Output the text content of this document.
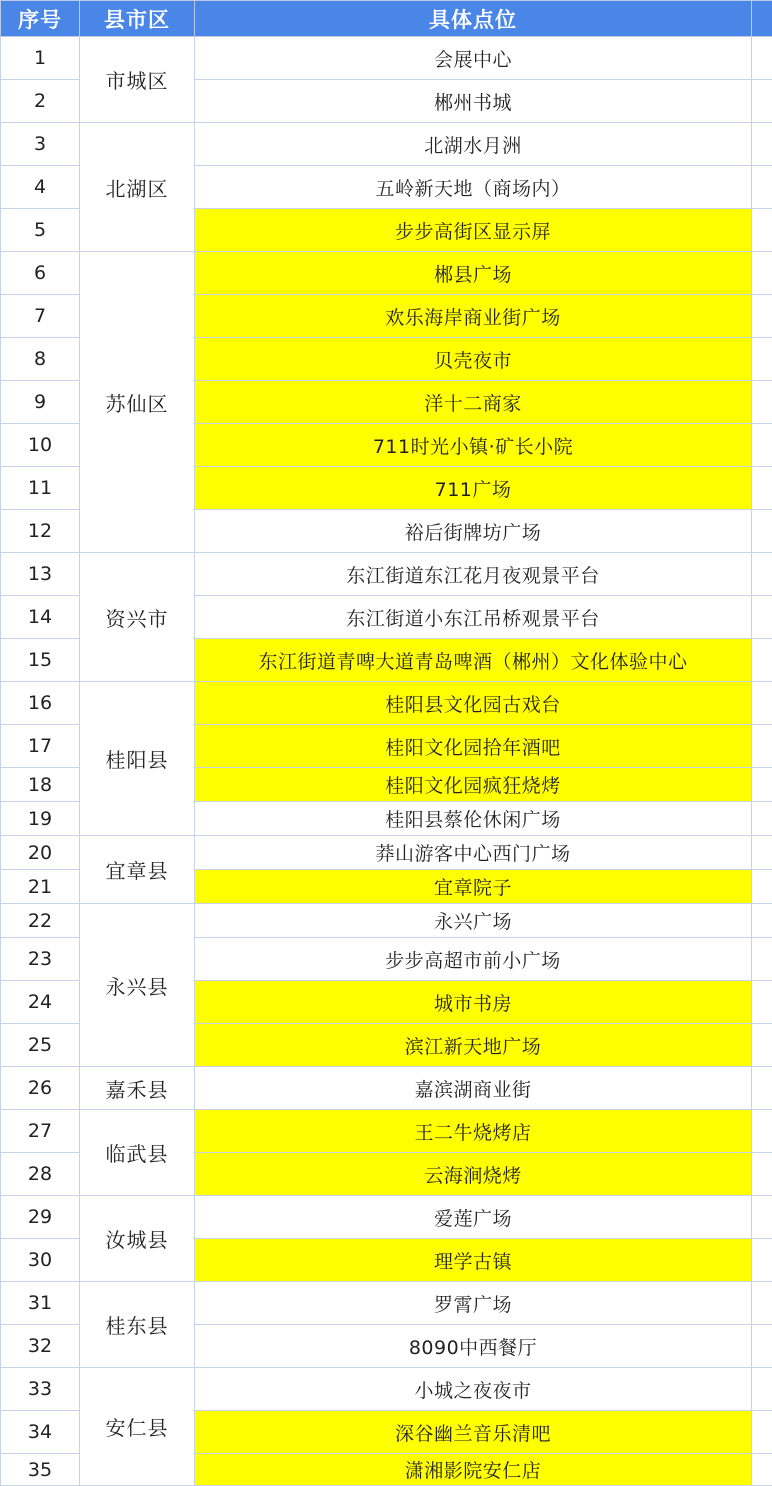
序号	县市区	具体点位	
1	市城区	会展中心	
2		郴州书城	
3	北湖区	北湖水月洲	
4		五岭新天地（商场内）	
5		步步高街区显示屏	
6	苏仙区	郴县广场	
7		欢乐海岸商业街广场	
8		贝壳夜市	
9		洋十二商家	
10		711时光小镇·矿长小院	
11		711广场	
12		裕后街牌坊广场	
13	资兴市	东江街道东江花月夜观景平台	
14		东江街道小东江吊桥观景平台	
15		东江街道青啤大道青岛啤酒（郴州）文化体验中心	
16	桂阳县	桂阳县文化园古戏台	
17		桂阳文化园拾年酒吧	
18		桂阳文化园疯狂烧烤	
19		桂阳县蔡伦休闲广场	
20	宜章县	莽山游客中心西门广场	
21		宜章院子	
22	永兴县	永兴广场	
23		步步高超市前小广场	
24		城市书房	
25		滨江新天地广场	
26	嘉禾县	嘉滨湖商业街	
27	临武县	王二牛烧烤店	
28		云海涧烧烤	
29	汝城县	爱莲广场	
30		理学古镇	
31	桂东县	罗霄广场	
32		8090中西餐厅	
33	安仁县	小城之夜夜市	
34		深谷幽兰音乐清吧	
35		潇湘影院安仁店	
